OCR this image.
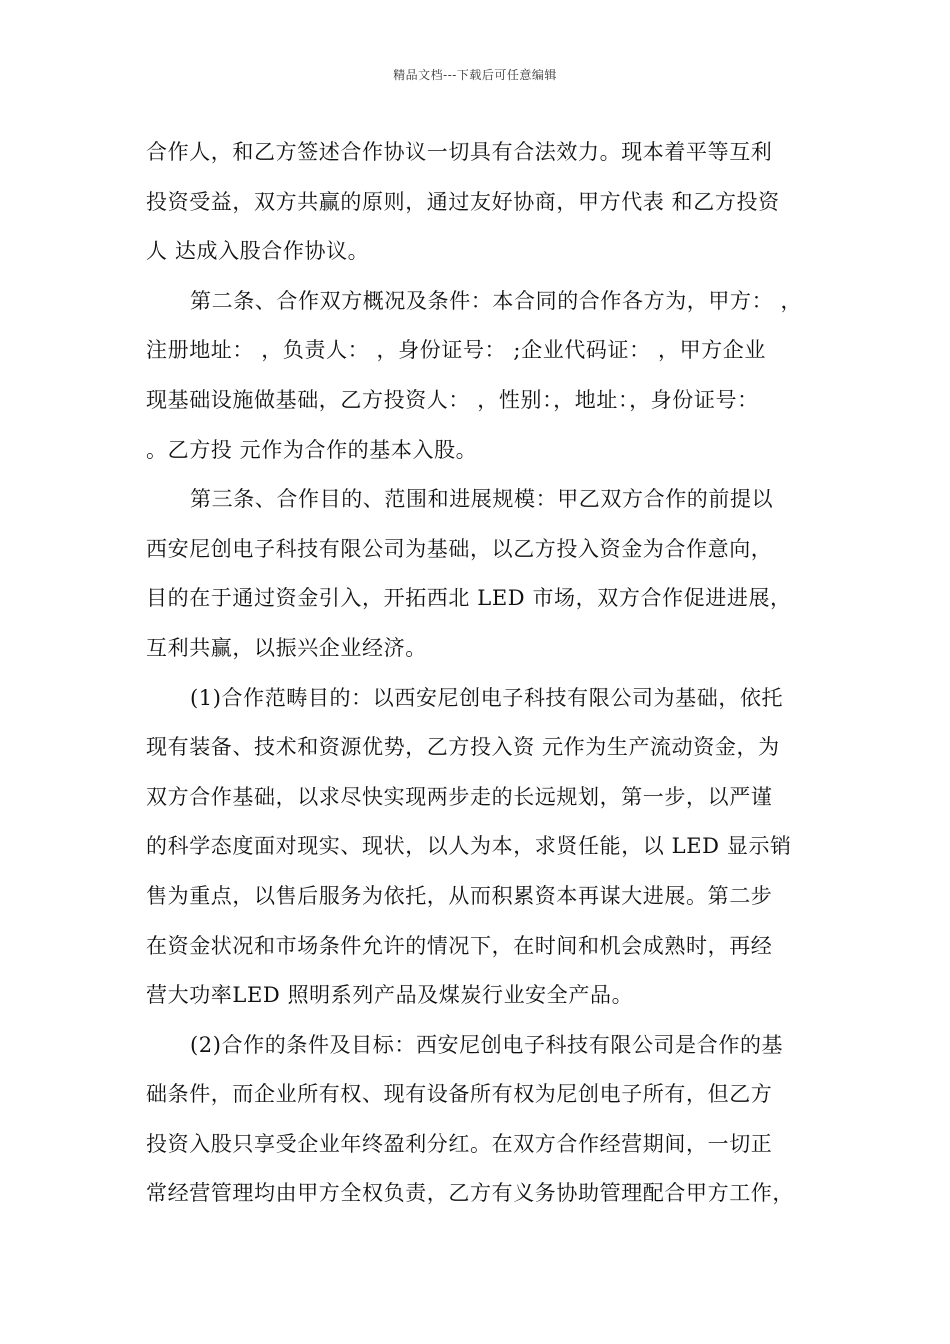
精品文档---下载后可任意编辑
合作人，和乙方签述合作协议一切具有合法效力。现本着平等互利
投资受益，双方共赢的原则，通过友好协商，甲方代表 和乙方投资
人 达成入股合作协议。
第二条、合作双方概况及条件：本合同的合作各方为，甲方： ，
注册地址： ，负责人： ，身份证号： ;企业代码证： ，甲方企业
现基础设施做基础，乙方投资人： ，性别：，地址：，身份证号：
。乙方投 元作为合作的基本入股。
第三条、合作目的、范围和进展规模：甲乙双方合作的前提以
西安尼创电子科技有限公司为基础，以乙方投入资金为合作意向，
目的在于通过资金引入，开拓西北 LED 市场，双方合作促进进展，
互利共赢，以振兴企业经济。
(1)合作范畴目的：以西安尼创电子科技有限公司为基础，依托
现有装备、技术和资源优势，乙方投入资 元作为生产流动资金，为
双方合作基础，以求尽快实现两步走的长远规划，第一步，以严谨
的科学态度面对现实、现状，以人为本，求贤任能，以 LED 显示销
售为重点，以售后服务为依托，从而积累资本再谋大进展。第二步
在资金状况和市场条件允许的情况下，在时间和机会成熟时，再经
营大功率LED 照明系列产品及煤炭行业安全产品。
(2)合作的条件及目标：西安尼创电子科技有限公司是合作的基
础条件，而企业所有权、现有设备所有权为尼创电子所有，但乙方
投资入股只享受企业年终盈利分红。在双方合作经营期间，一切正
常经营管理均由甲方全权负责，乙方有义务协助管理配合甲方工作，
